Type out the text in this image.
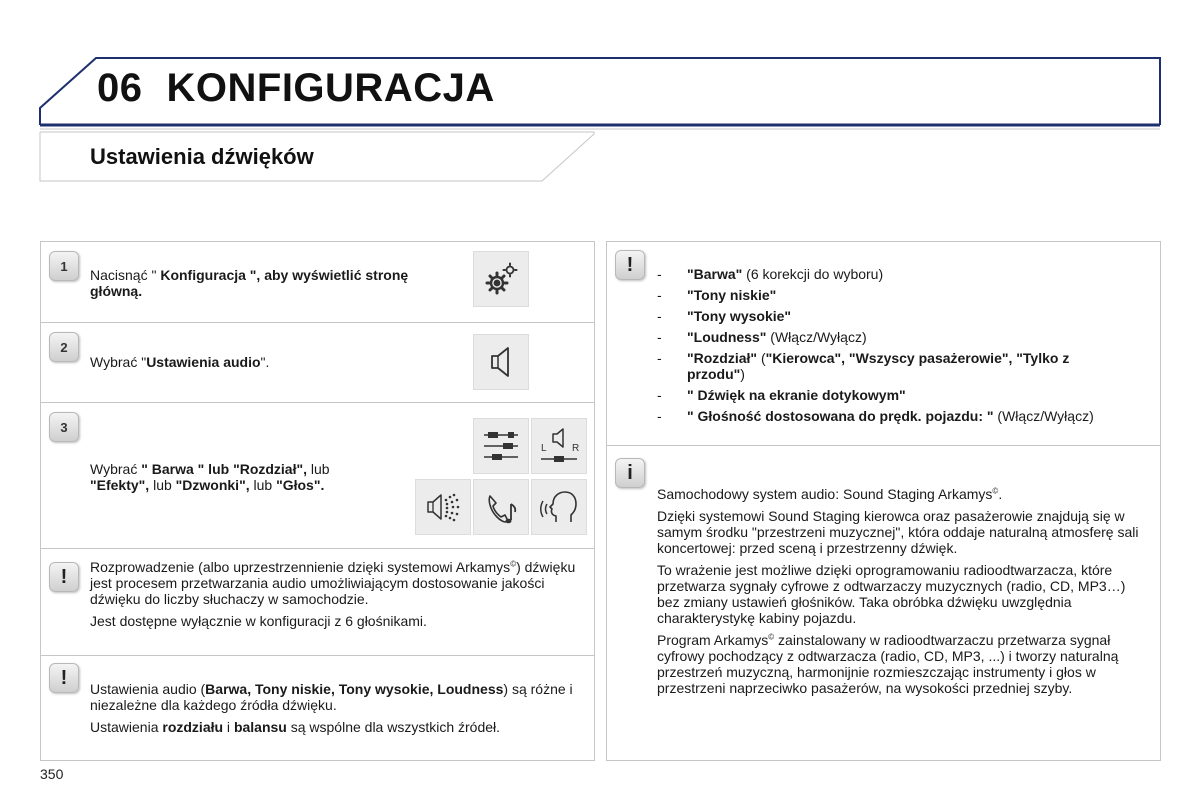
06 KONFIGURACJA
Ustawienia dźwięków
1
Nacisnąć " Konfiguracja ", aby wyświetlić stronę główną.
2
Wybrać "Ustawienia audio".
3
Wybrać " Barwa " lub "Rozdział", lub "Efekty", lub "Dzwonki", lub "Głos".
L	R
!	Rozprowadzenie (albo uprzestrzennienie dzięki systemowi Arkamys©) dźwięku jest procesem przetwarzania audio umożliwiającym dostosowanie jakości dźwięku do liczby słuchaczy w samochodzie.

Jest dostępne wyłącznie w konfiguracji z 6 głośnikami.

!

Ustawienia audio (Barwa, Tony niskie, Tony wysokie, Loudness) są różne i niezależne dla każdego źródła dźwięku.

Ustawienia rozdziału i balansu są wspólne dla wszystkich źródeł.

!	- "Barwa" (6 korekcji do wyboru)
- "Tony niskie"
- "Tony wysokie"
- "Loudness" (Włącz/Wyłącz)
- "Rozdział" ("Kierowca", "Wszyscy pasażerowie", "Tylko z przodu")
- " Dźwięk na ekranie dotykowym"
- " Głośność dostosowana do prędk. pojazdu: " (Włącz/Wyłącz)
i

Samochodowy system audio: Sound Staging Arkamys©.

Dzięki systemowi Sound Staging kierowca oraz pasażerowie znajdują się w samym środku "przestrzeni muzycznej", która oddaje naturalną atmosferę sali koncertowej: przed sceną i przestrzenny dźwięk.

To wrażenie jest możliwe dzięki oprogramowaniu radioodtwarzacza, które przetwarza sygnały cyfrowe z odtwarzaczy muzycznych (radio, CD, MP3…) bez zmiany ustawień głośników. Taka obróbka dźwięku uwzględnia charakterystykę kabiny pojazdu.

Program Arkamys© zainstalowany w radioodtwarzaczu przetwarza sygnał cyfrowy pochodzący z odtwarzacza (radio, CD, MP3, ...) i tworzy naturalną przestrzeń muzyczną, harmonijnie rozmieszczając instrumenty i głos w przestrzeni naprzeciwko pasażerów, na wysokości przedniej szyby.

350
